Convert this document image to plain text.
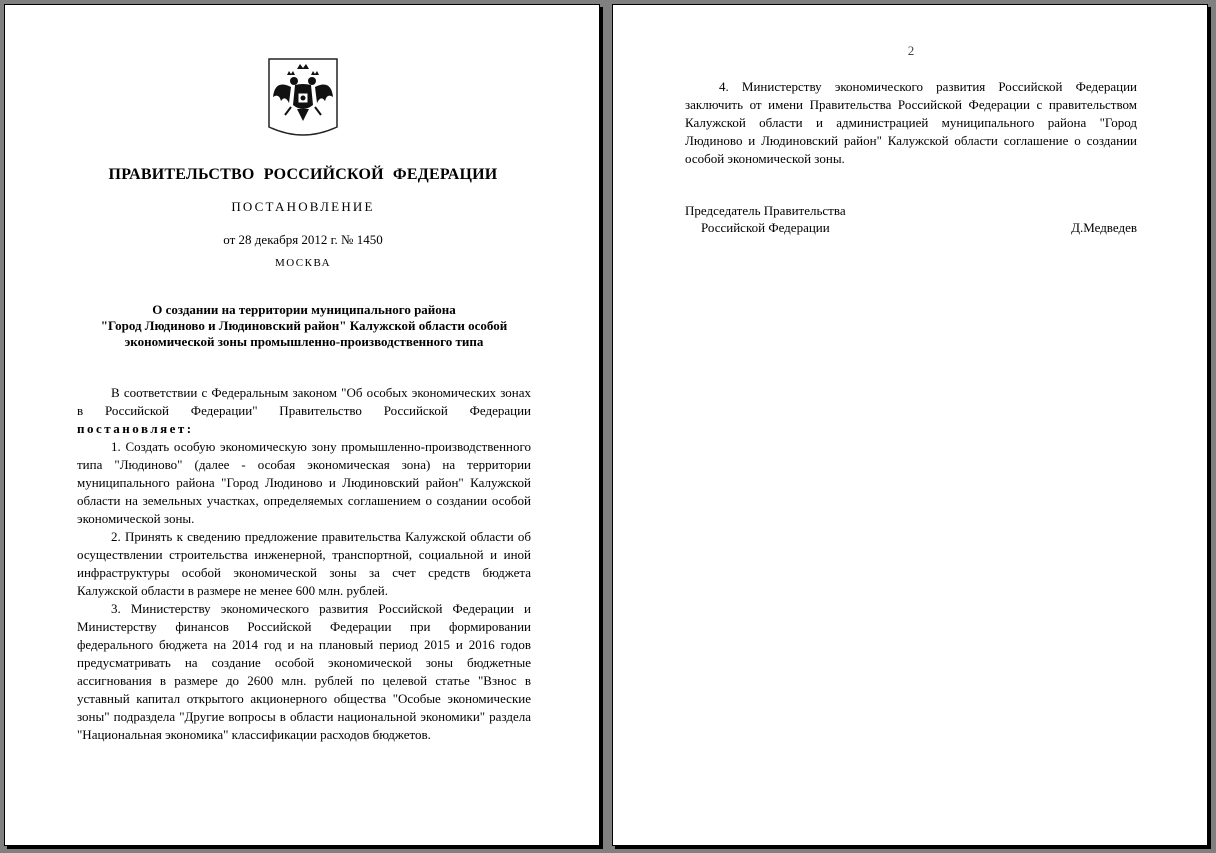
ПРАВИТЕЛЬСТВО РОССИЙСКОЙ ФЕДЕРАЦИИ
ПОСТАНОВЛЕНИЕ
от 28 декабря 2012 г. № 1450
МОСКВА
О создании на территории муниципального района
"Город Людиново и Людиновский район" Калужской области особой
экономической зоны промышленно-производственного типа

В соответствии с Федеральным законом "Об особых экономических зонах в Российской Федерации" Правительство Российской Федерации постановляет:

1. Создать особую экономическую зону промышленно-производственного типа "Людиново" (далее - особая экономическая зона) на территории муниципального района "Город Людиново и Людиновский район" Калужской области на земельных участках, определяемых соглашением о создании особой экономической зоны.

2. Принять к сведению предложение правительства Калужской области об осуществлении строительства инженерной, транспортной, социальной и иной инфраструктуры особой экономической зоны за счет средств бюджета Калужской области в размере не менее 600 млн. рублей.

3. Министерству экономического развития Российской Федерации и Министерству финансов Российской Федерации при формировании федерального бюджета на 2014 год и на плановый период 2015 и 2016 годов предусматривать на создание особой экономической зоны бюджетные ассигнования в размере до 2600 млн. рублей по целевой статье "Взнос в уставный капитал открытого акционерного общества "Особые экономические зоны" подраздела "Другие вопросы в области национальной экономики" раздела "Национальная экономика" классификации расходов бюджетов.

2

4. Министерству экономического развития Российской Федерации заключить от имени Правительства Российской Федерации с правительством Калужской области и администрацией муниципального района "Город Людиново и Людиновский район" Калужской области соглашение о создании особой экономической зоны.

Председатель Правительства
Российской Федерации	Д.Медведев
